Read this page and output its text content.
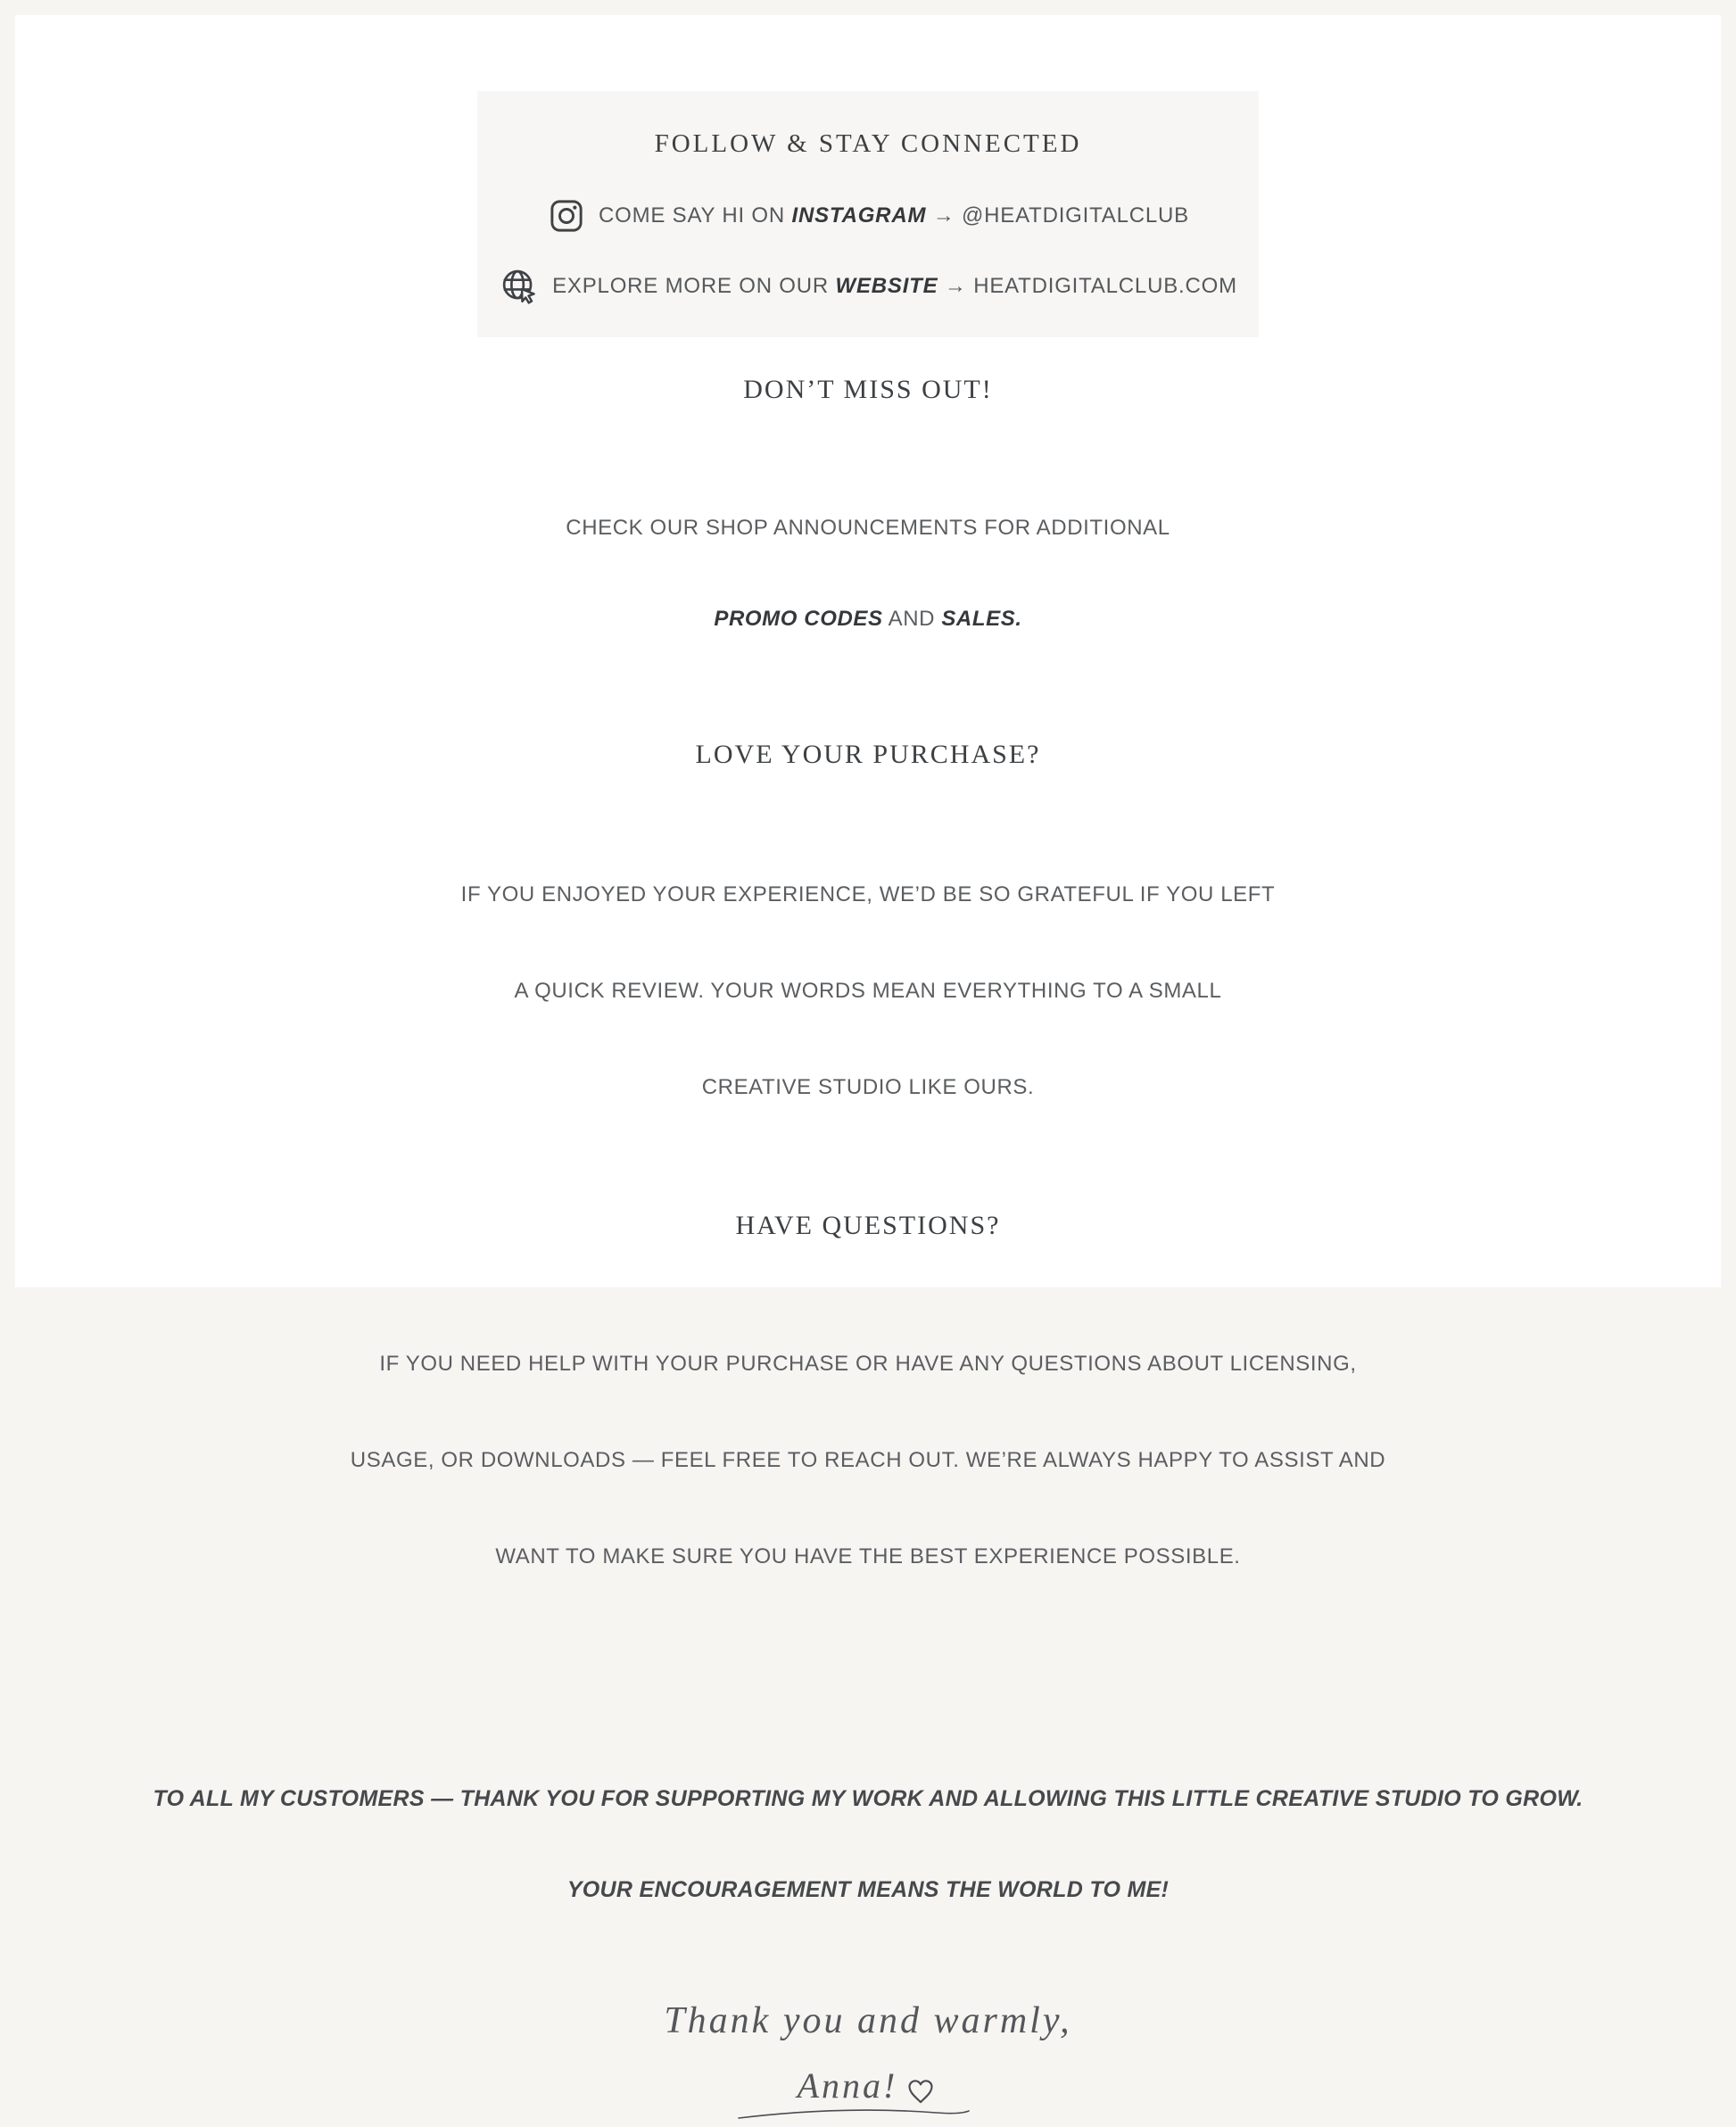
FOLLOW & STAY CONNECTED
COME SAY HI ON INSTAGRAM → @HEATDIGITALCLUB
EXPLORE MORE ON OUR WEBSITE → HEATDIGITALCLUB.COM
DON’T MISS OUT!

CHECK OUR SHOP ANNOUNCEMENTS FOR ADDITIONAL

PROMO CODES AND SALES.

LOVE YOUR PURCHASE?

IF YOU ENJOYED YOUR EXPERIENCE, WE’D BE SO GRATEFUL IF YOU LEFT

A QUICK REVIEW. YOUR WORDS MEAN EVERYTHING TO A SMALL

CREATIVE STUDIO LIKE OURS.

HAVE QUESTIONS?

IF YOU NEED HELP WITH YOUR PURCHASE OR HAVE ANY QUESTIONS ABOUT LICENSING,

USAGE, OR DOWNLOADS — FEEL FREE TO REACH OUT. WE’RE ALWAYS HAPPY TO ASSIST AND

WANT TO MAKE SURE YOU HAVE THE BEST EXPERIENCE POSSIBLE.

TO ALL MY CUSTOMERS — THANK YOU FOR SUPPORTING MY WORK AND ALLOWING THIS LITTLE CREATIVE STUDIO TO GROW.

YOUR ENCOURAGEMENT MEANS THE WORLD TO ME!

Thank you and warmly,
Anna!
